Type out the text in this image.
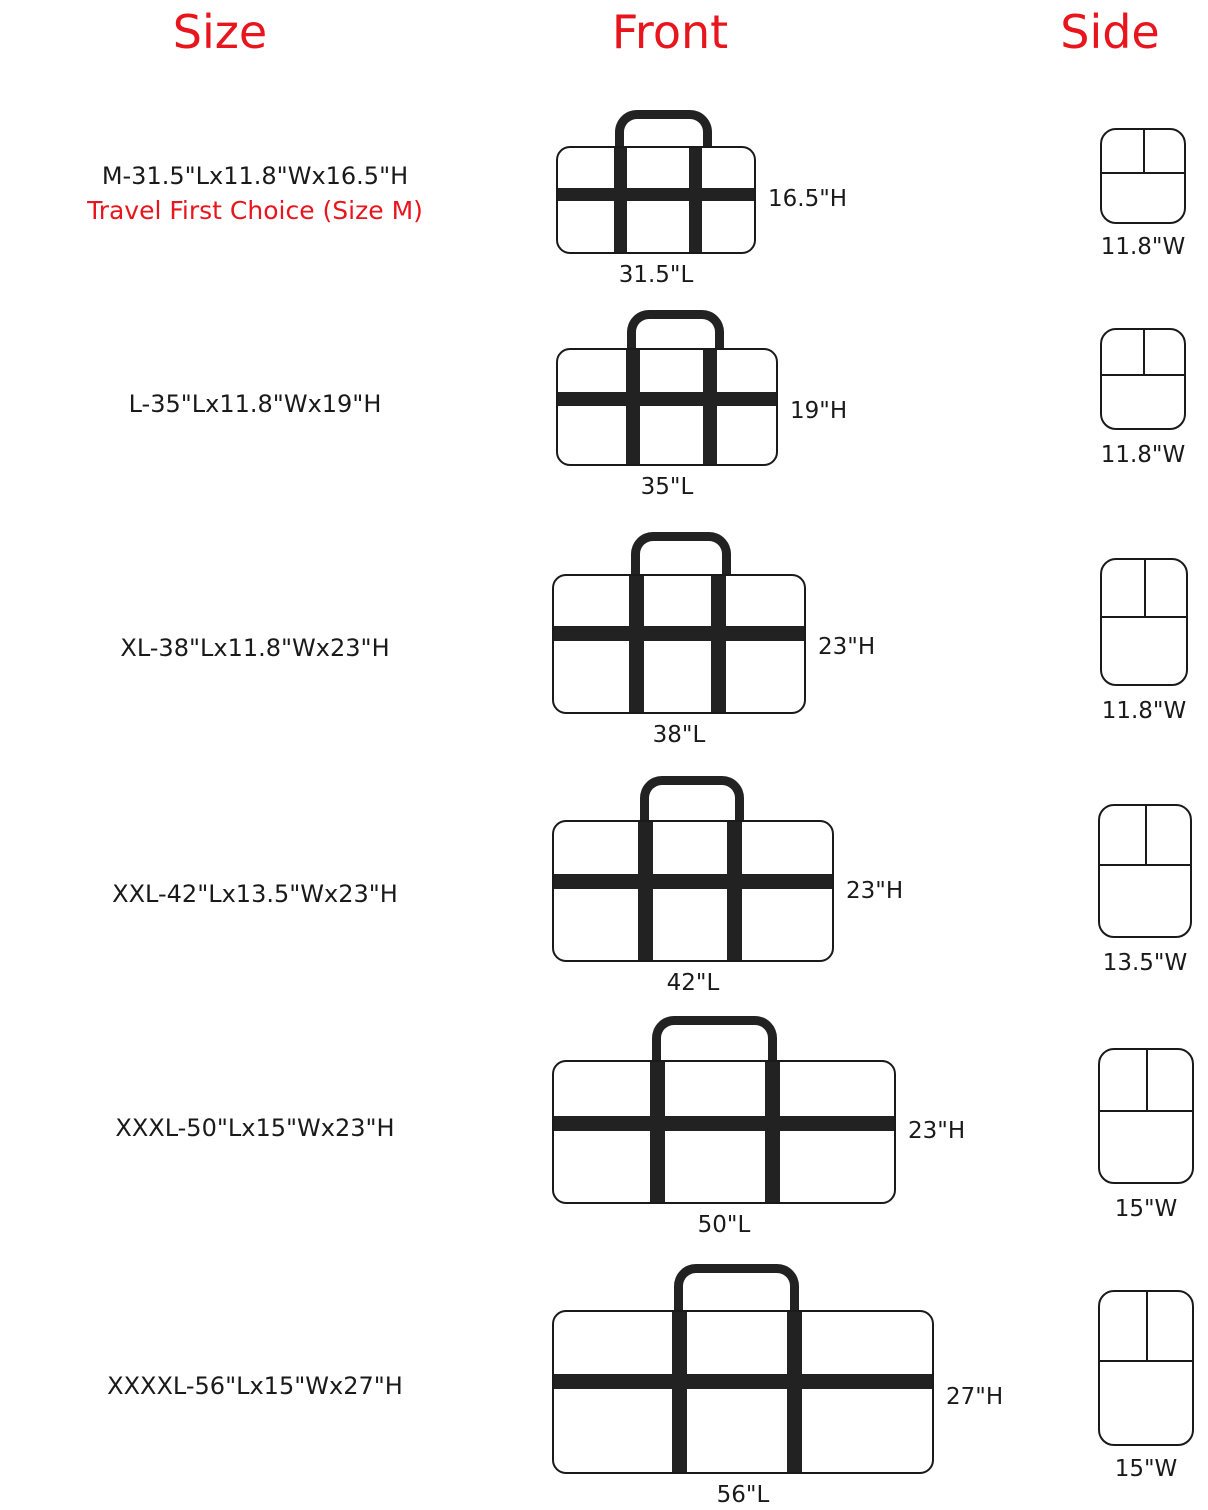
Size	Front	Side
M-31.5"Lx11.8"Wx16.5"H
Travel First Choice (Size M)	16.5"H
31.5"L
11.8"W
L-35"Lx11.8"Wx19"H	19"H
35"L
11.8"W
XL-38"Lx11.8"Wx23"H	23"H
38"L
11.8"W
XXL-42"Lx13.5"Wx23"H	23"H
42"L
13.5"W
XXXL-50"Lx15"Wx23"H	23"H
50"L
15"W
XXXXL-56"Lx15"Wx27"H	27"H
56"L
15"W
